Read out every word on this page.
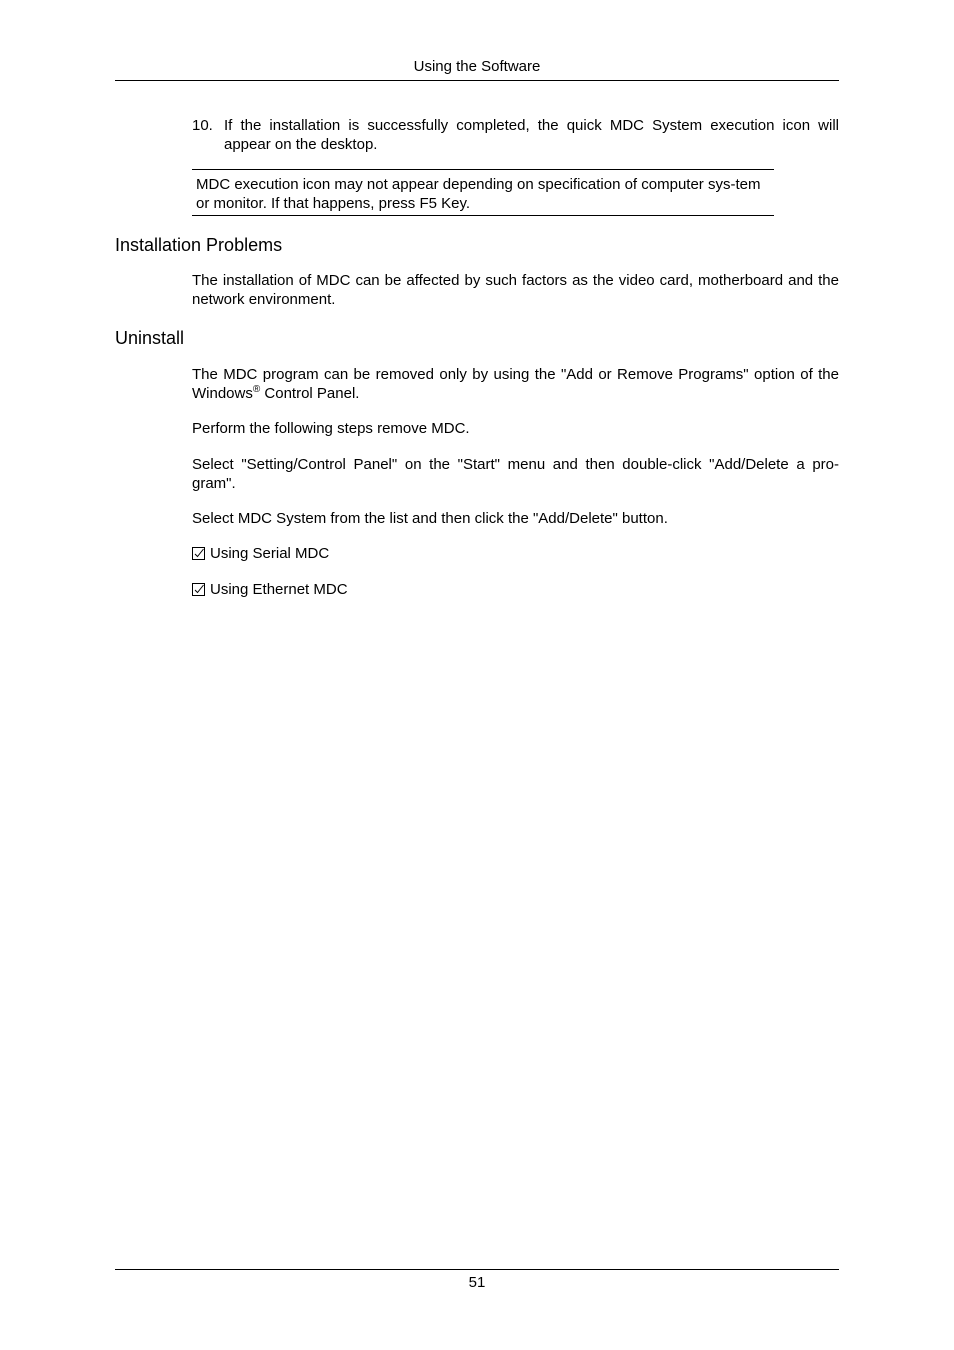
Using the Software
10. If the installation is successfully completed, the quick MDC System execution icon will appear on the desktop.
MDC execution icon may not appear depending on specification of computer sys-tem or monitor. If that happens, press F5 Key.
Installation Problems
The installation of MDC can be affected by such factors as the video card, motherboard and the network environment.
Uninstall
The MDC program can be removed only by using the "Add or Remove Programs" option of the Windows® Control Panel.
Perform the following steps remove MDC.
Select "Setting/Control Panel" on the "Start" menu and then double-click "Add/Delete a pro-gram".
Select MDC System from the list and then click the "Add/Delete" button.
Using Serial MDC
Using Ethernet MDC
51
